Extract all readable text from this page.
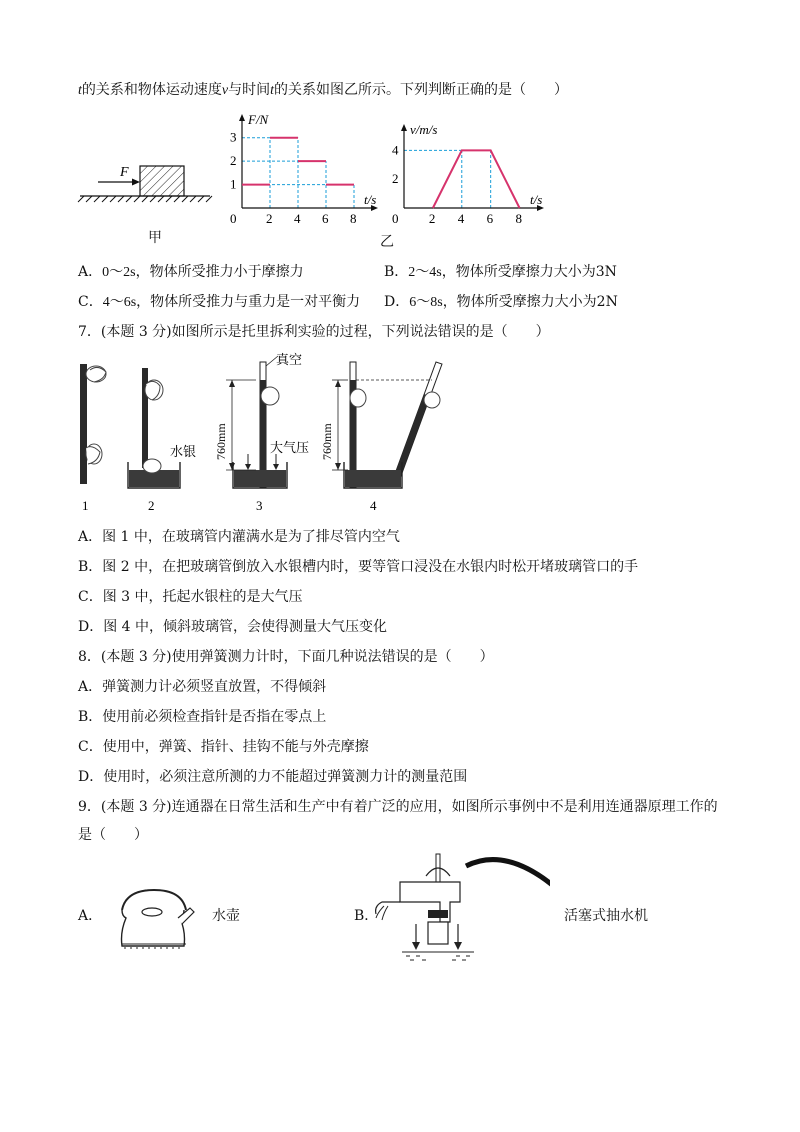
t的关系和物体运动速度v与时间t的关系如图乙所示。下列判断正确的是（　　）
F
甲
0 2 4 6 8
1
2
3
F/N
t/s
0 2 4 6 8
2
4
v/m/s
t/s
乙
A．0～2s，物体所受推力小于摩擦力	B．2～4s，物体所受摩擦力大小为3N
C．4～6s，物体所受推力与重力是一对平衡力 D．6～8s，物体所受摩擦力大小为2N
7．(本题 3 分)如图所示是托里拆利实验的过程，下列说法错误的是（　　）
1
水银
2
真空
760mm	大气压
3
760mm
4
A．图 1 中，在玻璃管内灌满水是为了排尽管内空气
B．图 2 中，在把玻璃管倒放入水银槽内时，要等管口浸没在水银内时松开堵玻璃管口的手
C．图 3 中，托起水银柱的是大气压
D．图 4 中，倾斜玻璃管，会使得测量大气压变化
8．(本题 3 分)使用弹簧测力计时，下面几种说法错误的是（　　）
A．弹簧测力计必须竖直放置，不得倾斜
B．使用前必须检查指针是否指在零点上
C．使用中，弹簧、指针、挂钩不能与外壳摩擦
D．使用时，必须注意所测的力不能超过弹簧测力计的测量范围
9．(本题 3 分)连通器在日常生活和生产中有着广泛的应用，如图所示事例中不是利用连通器原理工作的
是（　　）
A．	水壶	B．	活塞式抽水机
